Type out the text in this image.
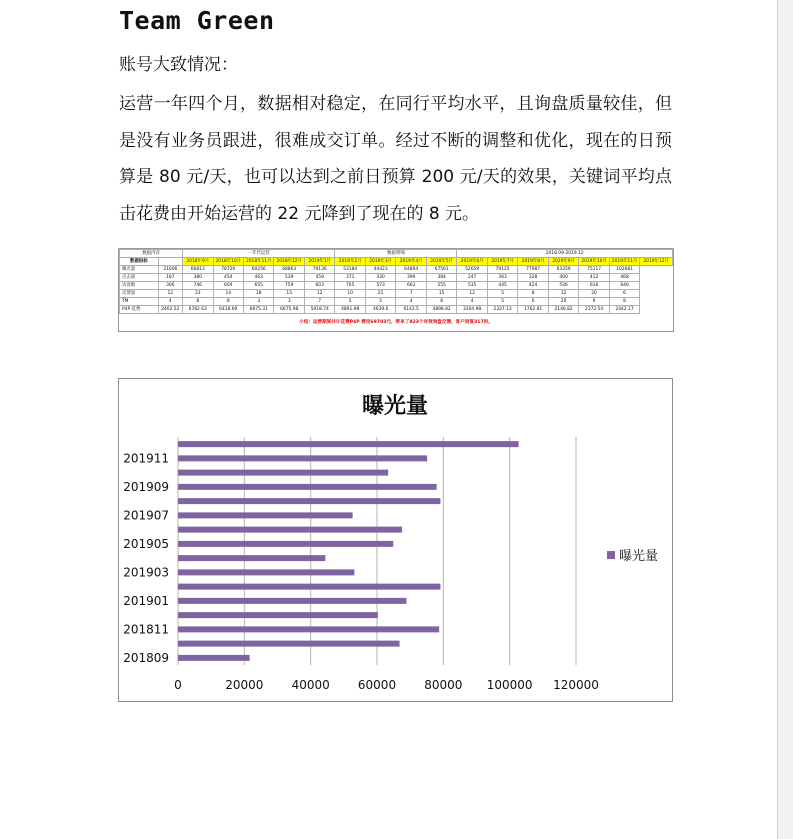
Team Green
账号大致情况：
运营一年四个月，数据相对稳定，在同行平均水平，且询盘质量较佳，但是没有业务员跟进，很难成交订单。经过不断的调整和优化，现在的日预算是 80 元/天，也可以达到之前日预算 200 元/天的效果，关键词平均点击花费由开始运营的 22 元降到了现在的 8 元。
数据内容		一年代运营					数据明细				2018.09-2019.12						
数据指标		2018年9月	2018年10月	2018年11月	2018年12月	2019年1月	2019年2月	2019年3月	2019年4月	2019年5月	2019年6月	2019年7月	2019年8月	2019年9月	2019年10月	2019年11月	2019年12月
曝光量	21606	66813	78729	60256	68863	79136	53184	44423	64894	67561	52659	79125	77987	63359	75117	102681	
点击量	187	380	454	463	539	459	371	330	399	384	247	363	328	400	412	468	
访客数	306	746	604	655	759	603	765	573	663	555	535	445	424	536	616	646	
反馈量	12	23	14	18	15	12	10	21	7	15	12	5	8	12	20	6	
TM	4	8	8	3	3	7	5	5	4	8	4	5	6	20	9	8	
P4P 花费	2402.52	6782.63	6418.69	6875.31	6675.98	5918.74	4891.98	4639.6	6142.5	4898.82	3204.98	2327.13	1762.81	2146.82	2172.54	2442.17	
小结：运营期间共计花费P4P 费用69703元，带来了923个有效询盘反馈，客户回复317封。
曝光量
0	20000 40000 60000 80000 100000 120000
201809
201811
201901
201903
201905
201907
201909
201911
曝光量
